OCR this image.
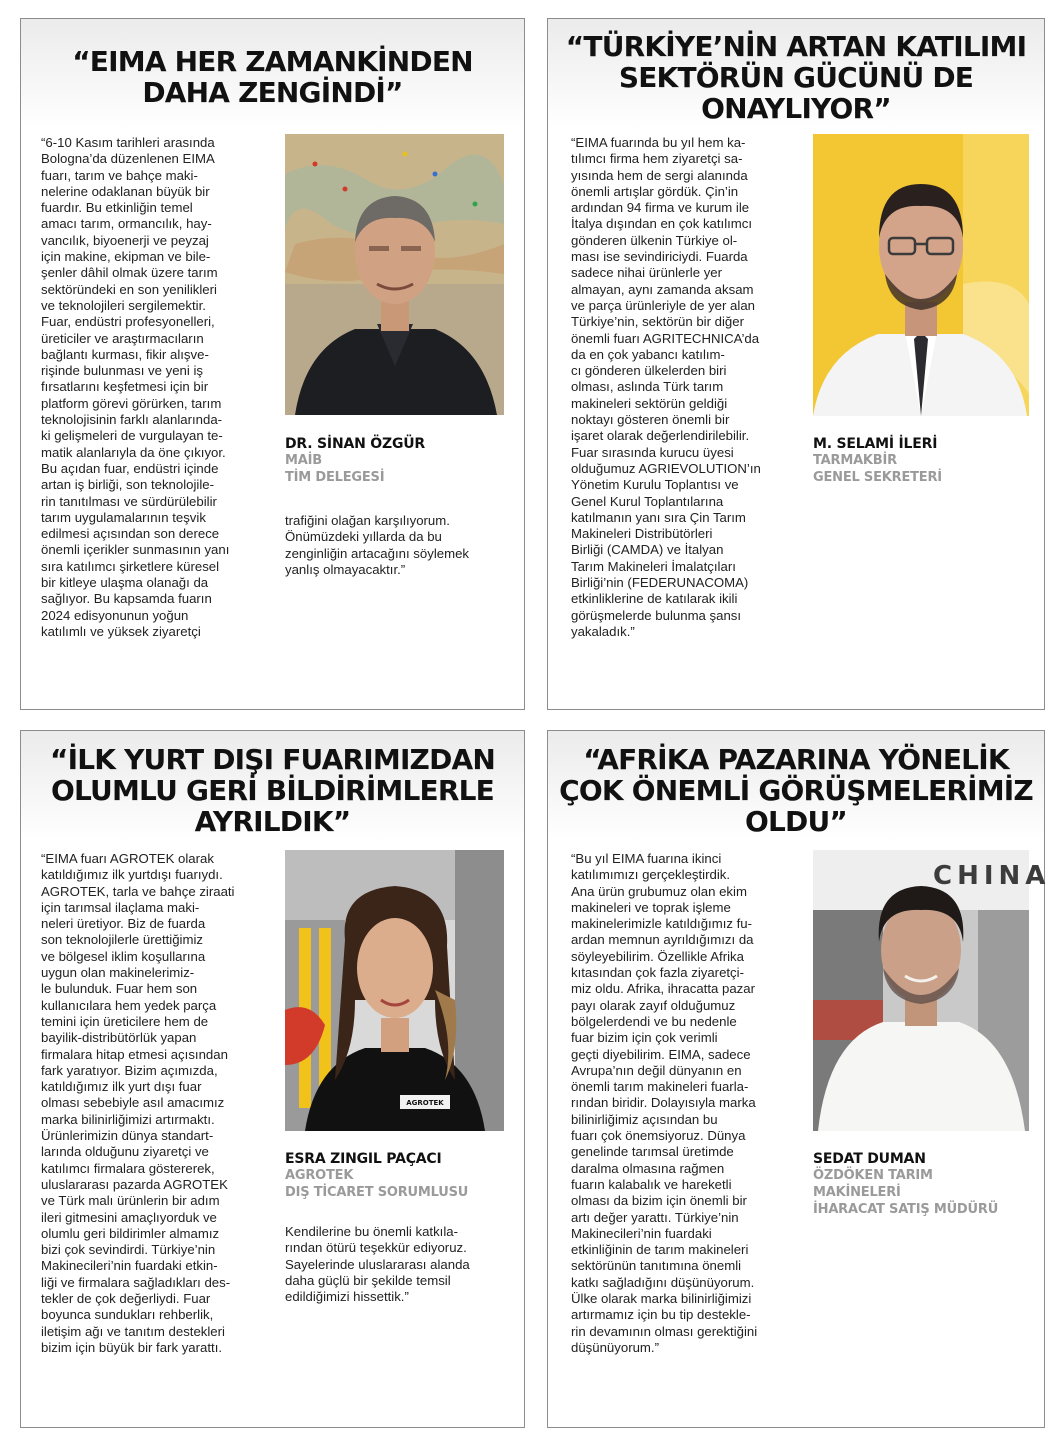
“EIMA HER ZAMANKİNDEN
DAHA ZENGİNDİ”
“6-10 Kasım tarihleri arasında
Bologna’da düzenlenen EIMA
fuarı, tarım ve bahçe maki-
nelerine odaklanan büyük bir
fuardır. Bu etkinliğin temel
amacı tarım, ormancılık, hay-
vancılık, biyoenerji ve peyzaj
için makine, ekipman ve bile-
şenler dâhil olmak üzere tarım
sektöründeki en son yenilikleri
ve teknolojileri sergilemektir.
Fuar, endüstri profesyonelleri,
üreticiler ve araştırmacıların
bağlantı kurması, fikir alışve-
rişinde bulunması ve yeni iş
fırsatlarını keşfetmesi için bir
platform görevi görürken, tarım
teknolojisinin farklı alanlarında-
ki gelişmeleri de vurgulayan te-
matik alanlarıyla da öne çıkıyor.
Bu açıdan fuar, endüstri içinde
artan iş birliği, son teknolojile-
rin tanıtılması ve sürdürülebilir
tarım uygulamalarının teşvik
edilmesi açısından son derece
önemli içerikler sunmasının yanı
sıra katılımcı şirketlere küresel
bir kitleye ulaşma olanağı da
sağlıyor. Bu kapsamda fuarın
2024 edisyonunun yoğun
katılımlı ve yüksek ziyaretçi
DR. SİNAN ÖZGÜR
MAİB
TİM DELEGESİ
trafiğini olağan karşılıyorum.
Önümüzdeki yıllarda da bu
zenginliğin artacağını söylemek
yanlış olmayacaktır.”
“TÜRKİYE’NİN ARTAN KATILIMI
SEKTÖRÜN GÜCÜNÜ DE
ONAYLIYOR”
“EIMA fuarında bu yıl hem ka-
tılımcı firma hem ziyaretçi sa-
yısında hem de sergi alanında
önemli artışlar gördük. Çin’in
ardından 94 firma ve kurum ile
İtalya dışından en çok katılımcı
gönderen ülkenin Türkiye ol-
ması ise sevindiriciydi. Fuarda
sadece nihai ürünlerle yer
almayan, aynı zamanda aksam
ve parça ürünleriyle de yer alan
Türkiye’nin, sektörün bir diğer
önemli fuarı AGRITECHNICA’da
da en çok yabancı katılım-
cı gönderen ülkelerden biri
olması, aslında Türk tarım
makineleri sektörün geldiği
noktayı gösteren önemli bir
işaret olarak değerlendirilebilir.
Fuar sırasında kurucu üyesi
olduğumuz AGRIEVOLUTION’ın
Yönetim Kurulu Toplantısı ve
Genel Kurul Toplantılarına
katılmanın yanı sıra Çin Tarım
Makineleri Distribütörleri
Birliği (CAMDA) ve İtalyan
Tarım Makineleri İmalatçıları
Birliği’nin (FEDERUNACOMA)
etkinliklerine de katılarak ikili
görüşmelerde bulunma şansı
yakaladık.”
M. SELAMİ İLERİ
TARMAKBİR
GENEL SEKRETERİ
“İLK YURT DIŞI FUARIMIZDAN
OLUMLU GERİ BİLDİRİMLERLE
AYRILDIK”
“EIMA fuarı AGROTEK olarak
katıldığımız ilk yurtdışı fuarıydı.
AGROTEK, tarla ve bahçe ziraati
için tarımsal ilaçlama maki-
neleri üretiyor. Biz de fuarda
son teknolojilerle ürettiğimiz
ve bölgesel iklim koşullarına
uygun olan makinelerimiz-
le bulunduk. Fuar hem son
kullanıcılara hem yedek parça
temini için üreticilere hem de
bayilik-distribütörlük yapan
firmalara hitap etmesi açısından
fark yaratıyor. Bizim açımızda,
katıldığımız ilk yurt dışı fuar
olması sebebiyle asıl amacımız
marka bilinirliğimizi artırmaktı.
Ürünlerimizin dünya standart-
larında olduğunu ziyaretçi ve
katılımcı firmalara göstererek,
uluslararası pazarda AGROTEK
ve Türk malı ürünlerin bir adım
ileri gitmesini amaçlıyorduk ve
olumlu geri bildirimler almamız
bizi çok sevindirdi. Türkiye’nin
Makinecileri’nin fuardaki etkin-
liği ve firmalara sağladıkları des-
tekler de çok değerliydi. Fuar
boyunca sundukları rehberlik,
iletişim ağı ve tanıtım destekleri
bizim için büyük bir fark yarattı.
AGROTEK
ESRA ZINGIL PAÇACI
AGROTEK
DIŞ TİCARET SORUMLUSU
Kendilerine bu önemli katkıla-
rından ötürü teşekkür ediyoruz.
Sayelerinde uluslararası alanda
daha güçlü bir şekilde temsil
edildiğimizi hissettik.”
“AFRİKA PAZARINA YÖNELİK
ÇOK ÖNEMLİ GÖRÜŞMELERİMİZ
OLDU”
“Bu yıl EIMA fuarına ikinci
katılımımızı gerçekleştirdik.
Ana ürün grubumuz olan ekim
makineleri ve toprak işleme
makinelerimizle katıldığımız fu-
ardan memnun ayrıldığımızı da
söyleyebilirim. Özellikle Afrika
kıtasından çok fazla ziyaretçi-
miz oldu. Afrika, ihracatta pazar
payı olarak zayıf olduğumuz
bölgelerdendi ve bu nedenle
fuar bizim için çok verimli
geçti diyebilirim. EIMA, sadece
Avrupa’nın değil dünyanın en
önemli tarım makineleri fuarla-
rından biridir. Dolayısıyla marka
bilinirliğimiz açısından bu
fuarı çok önemsiyoruz. Dünya
genelinde tarımsal üretimde
daralma olmasına rağmen
fuarın kalabalık ve hareketli
olması da bizim için önemli bir
artı değer yarattı. Türkiye’nin
Makinecileri’nin fuardaki
etkinliğinin de tarım makineleri
sektörünün tanıtımına önemli
katkı sağladığını düşünüyorum.
Ülke olarak marka bilinirliğimizi
artırmamız için bu tip destekle-
rin devamının olması gerektiğini
düşünüyorum.”
CHINA
SEDAT DUMAN
ÖZDÖKEN TARIM
MAKİNELERİ
İHARACAT SATIŞ MÜDÜRÜ
